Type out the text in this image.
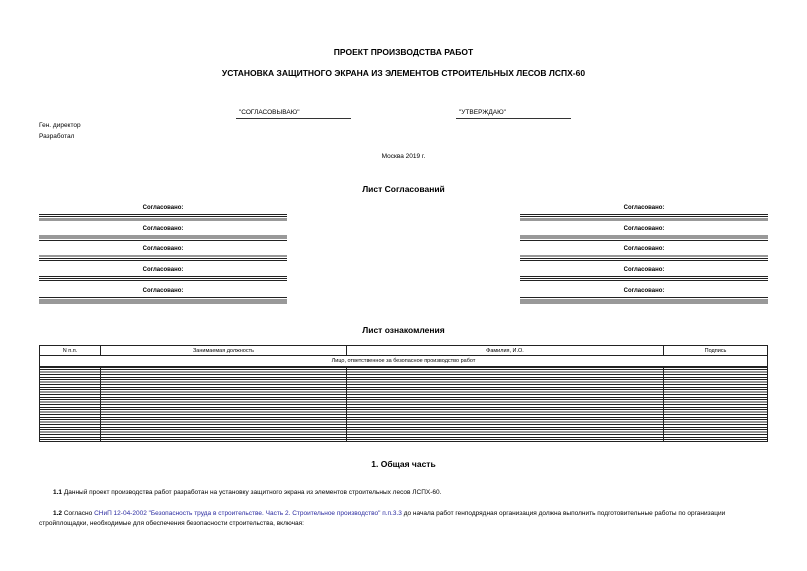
ПРОЕКТ ПРОИЗВОДСТВА РАБОТ
УСТАНОВКА ЗАЩИТНОГО ЭКРАНА ИЗ ЭЛЕМЕНТОВ СТРОИТЕЛЬНЫХ ЛЕСОВ ЛСПХ-60
"СОГЛАСОВЫВАЮ"	"УТВЕРЖДАЮ"
Ген. директор
Разработал
Москва 2019 г.
Лист Согласований
Согласовано:
Согласовано:
Согласовано:
Согласовано:
Согласовано:
Согласовано:
Согласовано:
Согласовано:
Согласовано:
Согласовано:
Лист ознакомления
N п.п.	Занимаемая должность	Фамилия, И.О.	Подпись
Лицо, ответственное за безопасное производство работ			

1. Общая часть
1.1 Данный проект производства работ разработан на установку защитного экрана из элементов строительных лесов ЛСПХ-60.
1.2 Согласно СНиП 12-04-2002 "Безопасность труда в строительстве. Часть 2. Строительное производство" п.п.3.3 до начала работ генподрядная организация должна выполнить подготовительные работы по организации стройплощадки, необходимые для обеспечения безопасности строительства, включая:
